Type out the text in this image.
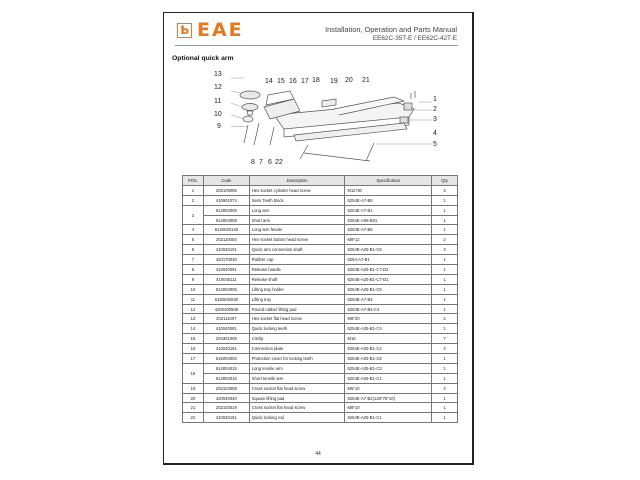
Ƅ EAE	Installation, Operation and Parts Manual
EE62C-35T-E / EE62C-42T-E
Optional quick arm
14 15 16 17 18 19 20 21
13
12
11
10
9
8 7 6 22
1
2
3
4
5
POS.	Code	Description	Specification	Qty
1	202109085	Hex socket cylinder head screw	M12*30	3
2	410901074	Semi Teeth block	6254E-A7-B8	1
3	614004005	Long arm	6254E-A7-B1	1
	614004008	Short arm	6254E-A08-B01	1
4	6140040148	Long arm fender	6254E-A7-B5	1
5	202110004	Hex socket button head screw	M8*12	2
6	410040101	Quick arm connection shaft	6254E-A25-B1-C6	3
7	420170030	Rubber cap	6264-A7-B1	1
8	410040091	Release handle	6254E-A25-B1-C7-D2	1
9	410040111	Release shaft	6254E-A25-B1-C7-D1	1
10	613004005	Lifting tray holder	6254E-A25-B1-C5	1
11	6150040030	Lifting tray	6254E-A7-B4	1
12	4200400508	Round rubber lifting pad	6254E-A7-B4-C4	1
13	202111007	Hex socket flat head screw	M8*20	2
14	410040081	Quick locking teeth	6254E-A25-B1-C4	1
15	204301005	Circlip	M16	7
16	410040161	Connection plate	6254E-A25-B1-C2	4
17	615004002	Protection cover for locking teeth	6254E-A25-B1-C8	1
18	614004015	Long tensile arm	6254E-A25-B1-C3	1
	614004016	Short tensile arm	6254E-A26-B1-C1	1
19	202103008	Cross socket flat head screw	M5*10	4
20	420040040	Square lifting pad	6254E-A7-B2(125*75*10)	1
21	202103019	Cross socket flat head screw	M8*10	1
22	410040151	Quick locking rod	6254E-A25-B1-C1	1
44
